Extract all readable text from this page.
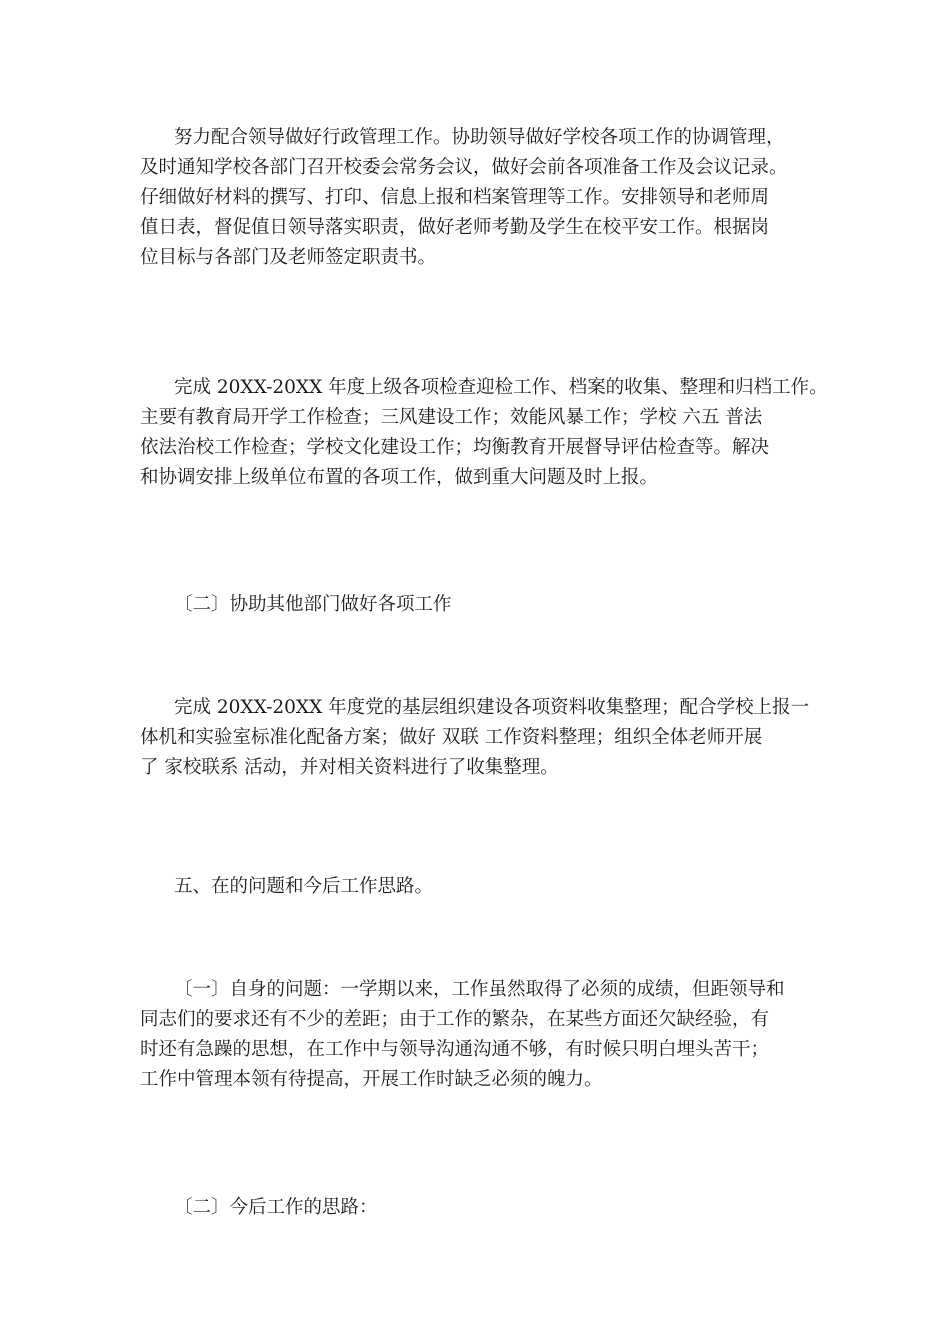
努力配合领导做好行政管理工作。协助领导做好学校各项工作的协调管理，
及时通知学校各部门召开校委会常务会议，做好会前各项准备工作及会议记录。
仔细做好材料的撰写、打印、信息上报和档案管理等工作。安排领导和老师周
值日表，督促值日领导落实职责，做好老师考勤及学生在校平安工作。根据岗
位目标与各部门及老师签定职责书。
完成 20XX-20XX 年度上级各项检查迎检工作、档案的收集、整理和归档工作。
主要有教育局开学工作检查；三风建设工作；效能风暴工作；学校 六五 普法
依法治校工作检查；学校文化建设工作；均衡教育开展督导评估检查等。解决
和协调安排上级单位布置的各项工作，做到重大问题及时上报。
〔二〕协助其他部门做好各项工作
完成 20XX-20XX 年度党的基层组织建设各项资料收集整理；配合学校上报一
体机和实验室标准化配备方案；做好 双联 工作资料整理；组织全体老师开展
了 家校联系 活动，并对相关资料进行了收集整理。
五、在的问题和今后工作思路。
〔一〕自身的问题：一学期以来，工作虽然取得了必须的成绩，但距领导和
同志们的要求还有不少的差距；由于工作的繁杂，在某些方面还欠缺经验，有
时还有急躁的思想，在工作中与领导沟通沟通不够，有时候只明白埋头苦干；
工作中管理本领有待提高，开展工作时缺乏必须的魄力。
〔二〕今后工作的思路：
